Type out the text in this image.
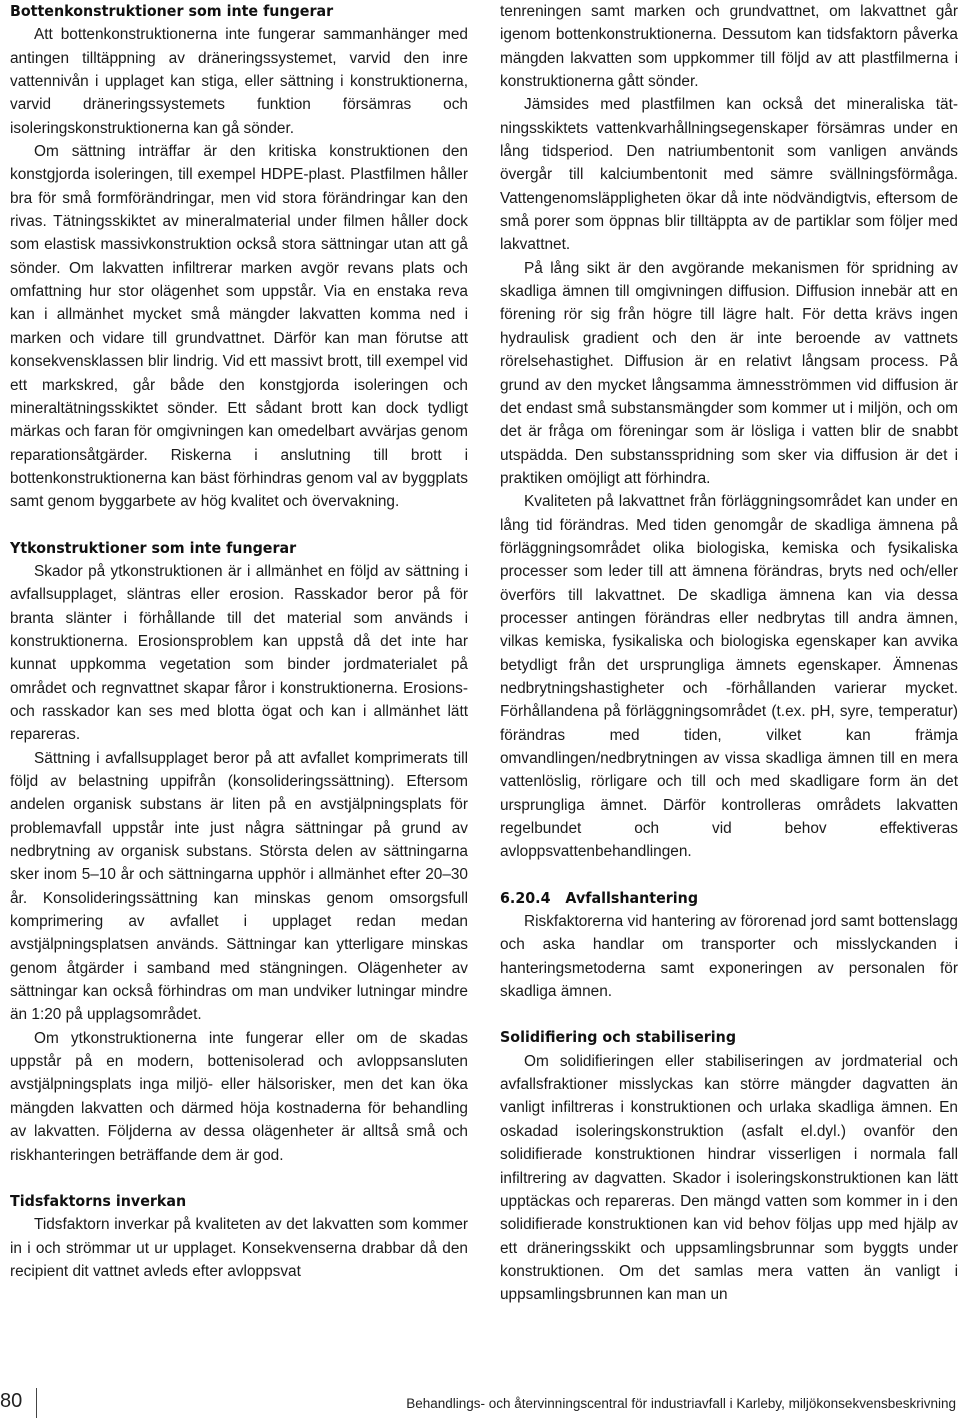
Bottenkonstruktioner som inte fungerar

Att bottenkonstruktionerna inte fungerar sammanhänger med antingen tilltäppning av dräneringssystemet, varvid den inre vattennivån i upplaget kan stiga, eller sättning i konstruktionerna, varvid dräneringssystemets funktion försämras och isoleringskonstruktionerna kan gå sönder.

Om sättning inträffar är den kritiska konstruktionen den konstgjorda isoleringen, till exempel HDPE-plast. Plastfilmen håller bra för små formförändringar, men vid stora förändringar kan den rivas. Tätningsskiktet av mineralmaterial under filmen håller dock som elastisk massivkonstruktion också stora sättningar utan att gå sönder. Om lakvatten infiltrerar marken avgör revans plats och omfattning hur stor olägenhet som uppstår. Via en enstaka reva kan i allmänhet mycket små mängder lakvatten komma ned i marken och vidare till grundvattnet. Därför kan man förutse att konsekvensklassen blir lindrig. Vid ett massivt brott, till exempel vid ett markskred, går både den konstgjorda isoleringen och mineraltätningsskiktet sönder. Ett sådant brott kan dock tydligt märkas och faran för omgivningen kan omedelbart avvärjas genom reparationsåtgärder. Riskerna i anslutning till brott i bottenkonstruktionerna kan bäst förhindras genom val av byggplats samt genom byggarbete av hög kvalitet och övervakning.

Ytkonstruktioner som inte fungerar

Skador på ytkonstruktionen är i allmänhet en följd av sättning i avfallsupplaget, släntras eller erosion. Rasskador beror på för branta slänter i förhållande till det material som används i konstruktionerna. Erosionsproblem kan uppstå då det inte har kunnat uppkomma vegetation som binder jordmaterialet på området och regnvattnet skapar fåror i konstruktionerna. Erosions- och rasskador kan ses med blotta ögat och kan i allmänhet lätt repareras.

Sättning i avfallsupplaget beror på att avfallet komprimerats till följd av belastning uppifrån (konsolideringssättning). Eftersom andelen organisk substans är liten på en avstjälpningsplats för problemavfall uppstår inte just några sättningar på grund av nedbrytning av organisk substans. Största delen av sättningarna sker inom 5–10 år och sättningarna upphör i allmänhet efter 20–30 år. Konsolideringssättning kan minskas genom omsorgsfull komprimering av avfallet i upplaget redan medan avstjälpningsplatsen används. Sättningar kan ytterligare minskas genom åtgärder i samband med stängningen. Olägenheter av sättningar kan också förhindras om man undviker lutningar mindre än 1:20 på upplagsområdet.

Om ytkonstruktionerna inte fungerar eller om de skadas uppstår på en modern, bottenisolerad och avloppsansluten avstjälpningsplats inga miljö- eller hälsorisker, men det kan öka mängden lakvatten och därmed höja kostnaderna för behandling av lakvatten. Följderna av dessa olägenheter är alltså små och riskhanteringen beträffande dem är god.

Tidsfaktorns inverkan

Tidsfaktorn inverkar på kvaliteten av det lakvatten som kommer in i och strömmar ut ur upplaget. Konsekvenserna drabbar då den recipient dit vattnet avleds efter avloppsvat

tenreningen samt marken och grundvattnet, om lakvattnet går igenom bottenkonstruktionerna. Dessutom kan tidsfaktorn påverka mängden lakvatten som uppkommer till följd av att plastfilmerna i konstruktionerna gått sönder.

Jämsides med plastfilmen kan också det mineraliska tätningsskiktets vattenkvarhållningsegenskaper försämras under en lång tidsperiod. Den natriumbentonit som vanligen används övergår till kalciumbentonit med sämre svällningsförmåga. Vattengenomsläppligheten ökar då inte nödvändigtvis, eftersom de små porer som öppnas blir tilltäppta av de partiklar som följer med lakvattnet.

På lång sikt är den avgörande mekanismen för spridning av skadliga ämnen till omgivningen diffusion. Diffusion innebär att en förening rör sig från högre till lägre halt. För detta krävs ingen hydraulisk gradient och den är inte beroende av vattnets rörelsehastighet. Diffusion är en relativt långsam process. På grund av den mycket långsamma ämnesströmmen vid diffusion är det endast små substansmängder som kommer ut i miljön, och om det är fråga om föreningar som är lösliga i vatten blir de snabbt utspädda. Den substansspridning som sker via diffusion är det i praktiken omöjligt att förhindra.

Kvaliteten på lakvattnet från förläggningsområdet kan under en lång tid förändras. Med tiden genomgår de skadliga ämnena på förläggningsområdet olika biologiska, kemiska och fysikaliska processer som leder till att ämnena förändras, bryts ned och/eller överförs till lakvattnet. De skadliga ämnena kan via dessa processer antingen förändras eller nedbrytas till andra ämnen, vilkas kemiska, fysikaliska och biologiska egenskaper kan avvika betydligt från det ursprungliga ämnets egenskaper. Ämnenas nedbrytningshastigheter och -förhållanden varierar mycket. Förhållandena på förläggningsområdet (t.ex. pH, syre, temperatur) förändras med tiden, vilket kan främja omvandlingen/nedbrytningen av vissa skadliga ämnen till en mera vattenlöslig, rörligare och till och med skadligare form än det ursprungliga ämnet. Därför kontrolleras områdets lakvatten regelbundet och vid behov effektiveras avloppsvattenbehandlingen.

6.20.4   Avfallshantering

Riskfaktorerna vid hantering av förorenad jord samt bottenslagg och aska handlar om transporter och misslyckanden i hanteringsmetoderna samt exponeringen av personalen för skadliga ämnen.

Solidifiering och stabilisering

Om solidifieringen eller stabiliseringen av jordmaterial och avfallsfraktioner misslyckas kan större mängder dagvatten än vanligt infiltreras i konstruktionen och urlaka skadliga ämnen. En oskadad isoleringskonstruktion (asfalt el.dyl.) ovanför den solidifierade konstruktionen hindrar visserligen i normala fall infiltrering av dagvatten. Skador i isoleringskonstruktionen kan lätt upptäckas och repareras. Den mängd vatten som kommer in i den solidifierade konstruktionen kan vid behov följas upp med hjälp av ett dräneringsskikt och uppsamlingsbrunnar som byggts under konstruktionen. Om det samlas mera vatten än vanligt i uppsamlingsbrunnen kan man un

80	Behandlings- och återvinningscentral för industriavfall i Karleby, miljökonsekvensbeskrivning
